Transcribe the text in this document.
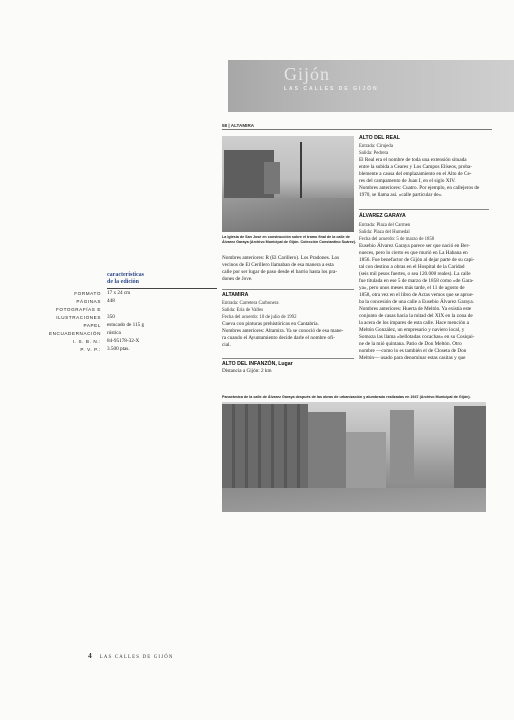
Gijón
LAS CALLES DE GIJÓN
58 | ALTAMIRA
La Iglesia de San José en construcción sobre el tramo final de la calle de Álvarez Garaya (Archivo Municipal de Gijón. Colección Constantino Suárez).

Nombres anteriores: R (El Carillero). Los Pradones. Los

vecinos de El Cerillero llamaban de esa manera a esta

calle por ser lugar de paso desde el barrio hasta los pra-

dones de Jove.

ALTAMIRA

Entrada: Carretera Carbonera

Salida: Ería de Valles

Fecha del acuerdo: 10 de julio de 1992

Cueva con pinturas prehistóricas en Cantabria.

Nombres anteriores: Altamira. Ya se conoció de esa mane-

ra cuando el Ayuntamiento decide darle el nombre ofi-

cial.

ALTO DEL INFANZÓN, Lugar

Distancia a Gijón: 2 km

ALTO DEL REAL

Entrada: Cirujeda

Salida: Pedrera

El Real era el nombre de toda una extensión situada

entre la subida a Ceares y Los Campos Elíseos, proba-

blemente a causa del emplazamiento en el Alto de Ce-

res del campamento de Juan I, en el siglo XIV.

Nombres anteriores: Cuatro. Por ejemplo, en callejeros de

1970, se llama así. «calle particular de».

ÁLVAREZ GARAYA

Entrada: Plaza del Carmen

Salida: Plaza del Humedal

Fecha del acuerdo: 5 de marzo de 1858

Eusebio Álvarez Garaya parece ser que nació en Ber-

nueces, pero lo cierto es que murió en La Habana en

1856. Fue benefactor de Gijón al dejar parte de su capi-

tal con destino a obras en el Hospital de la Caridad

(seis mil pesos fuertes, o sea 120.000 reales). La calle

fue titulada en ese 5 de marzo de 1858 como «de Gara-

ya», pero unos meses más tarde, el 11 de agosto de

1858, otra vez en el libro de Actas vemos que se aprue-

ba la concesión de una calle a Eusebio Álvarez Garaya.

Nombres anteriores: Huerta de Meltón. Ya existía este

conjunto de casas hacia la mitad del XIX en la zona de

la acera de los impares de esta calle. Hace mención a

Meltón González, un empresario y naviero local, y

Somoza las llama «bellotadas cocachas» en su Cosiqui-

ne de la mió quintana. Patio de Don Meltón. Otro

nombre —como lo es también el de Closeta de Don

Meltón— usado para denominar estas casitas y que

Panorámica de la calle de Álvarez Garaya después de las obras de urbanización y alumbrado realizadas en 1947 (Archivo Municipal de Gijón).
características
de la edición
FORMATO 17 x 24 cm
PÁGINAS 448
FOTOGRAFÍAS E
ILUSTRACIONES 350
PAPEL estucado de 115 g
ENCUADERNACIÓN rústica
I. S. B. N.: 84-95178-32-X
P. V. P.: 3.500 ptas.
4 LAS CALLES DE GIJÓN
